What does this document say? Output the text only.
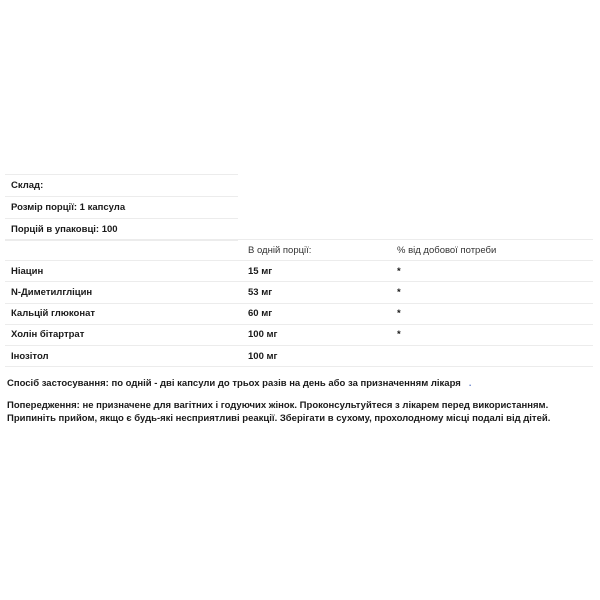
Склад:
Розмір порції: 1 капсула
Порцій в упаковці: 100
	В одній порції:	% від добової потреби
Ніацин	15 мг	*
N-Диметилгліцин	53 мг	*
Кальцій глюконат	60 мг	*
Холін бітартрат	100 мг	*
Інозітол	100 мг	
Спосіб застосування: по одній - дві капсули до трьох разів на день або за призначенням лікаря .
Попередження: не призначене для вагітних і годуючих жінок. Проконсультуйтеся з лікарем перед використанням.
Припиніть прийом, якщо є будь-які несприятливі реакції. Зберігати в сухому, прохолодному місці подалі від дітей.
